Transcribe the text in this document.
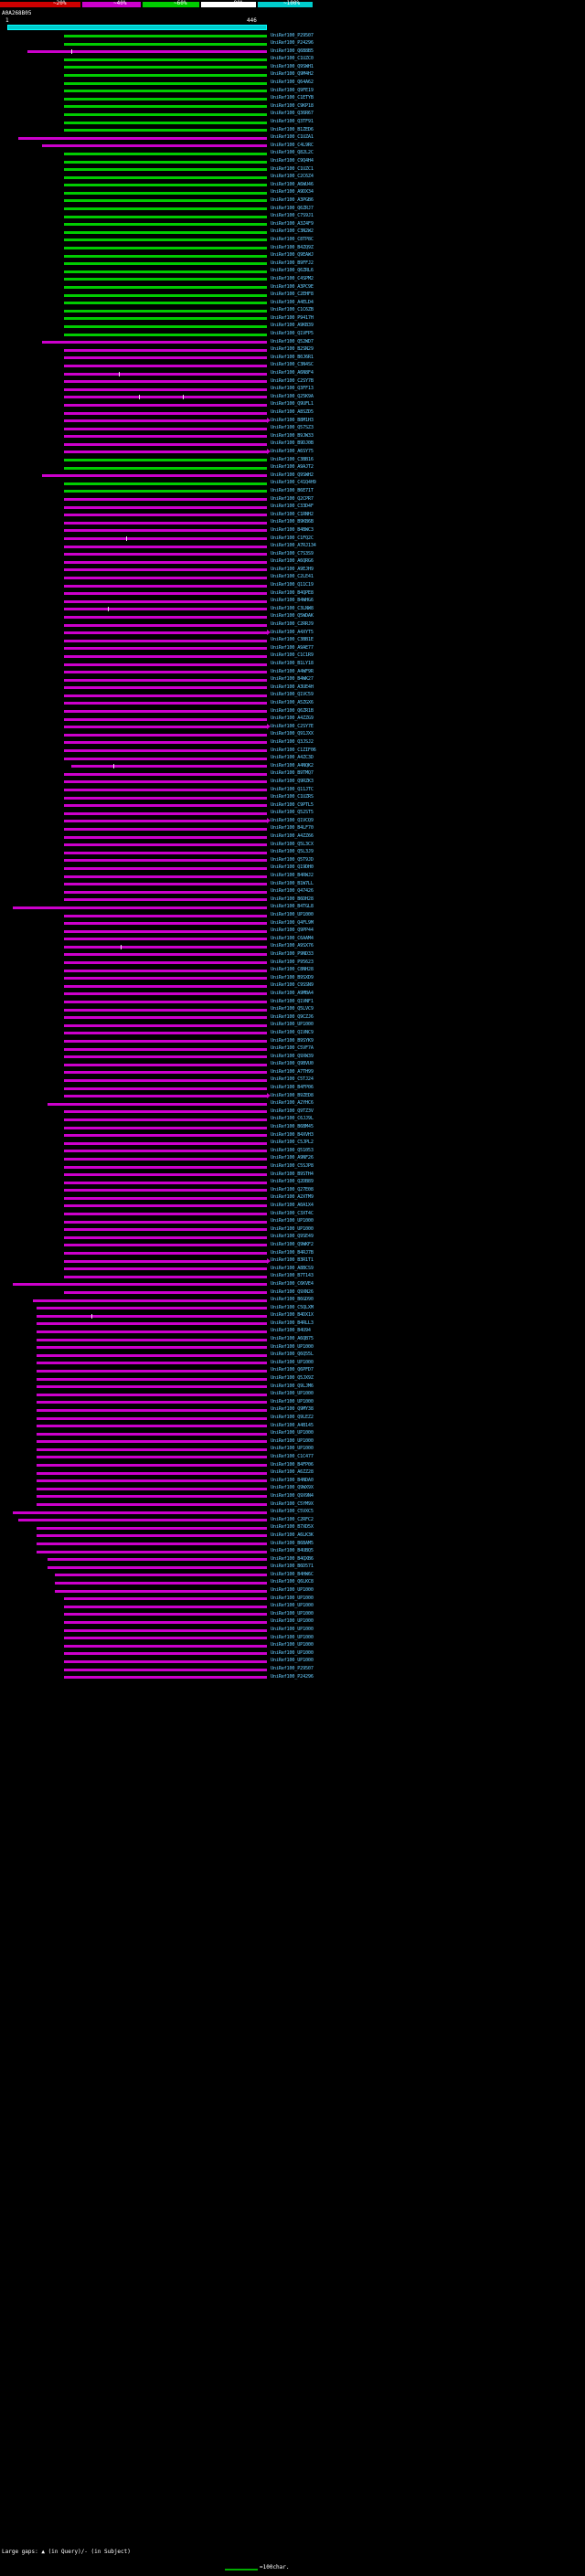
~20%	~40%	~60%	~80%	~100%
A0A268B05
1	446
UniRef100_P29507
UniRef100_P24296
UniRef100_Q6B8B5
UniRef100_C1UZC0
UniRef100_Q9SWH1
UniRef100_Q9M4H2
UniRef100_Q64A62
UniRef100_Q9FE19
UniRef100_C1ETYB
UniRef100_C9KP18
UniRef100_Q36R67
UniRef100_Q3TF91
UniRef100_B1ZED6
UniRef100_C1UZA1
UniRef100_C4L9RC
UniRef100_Q82L2C
UniRef100_C9Q4H4
UniRef100_C1UZC1
UniRef100_C2C6Z4
UniRef100_A6WU46
UniRef100_A9DX34
UniRef100_A3PGB6
UniRef100_Q6ZRJ7
UniRef100_C7S9J1
UniRef100_A3Z4F9
UniRef100_C3N2W2
UniRef100_C8TP8C
UniRef100_B4ZQ9Z
UniRef100_Q9EAWJ
UniRef100_B9FFJ2
UniRef100_Q6ZRL6
UniRef100_C4SPM2
UniRef100_A3PC9E
UniRef100_C2EHF8
UniRef100_A4ELD4
UniRef100_C1C6ZB
UniRef100_P9417H
UniRef100_A9KB39
UniRef100_Q1VFP5
UniRef100_Q52WD7
UniRef100_B2SN29
UniRef100_B0J6R1
UniRef100_C3N4SC
UniRef100_A6N8F4
UniRef100_C2SY7B
UniRef100_Q3FF13
UniRef100_Q25K9A
UniRef100_Q9UFL1
UniRef100_A8SZD5
UniRef100_B8M1H3
UniRef100_Q57SZ3
UniRef100_B9JW33
UniRef100_B9DJ0B
UniRef100_A6SY75
UniRef100_C3BB16
UniRef100_A9AJT2
UniRef100_Q9SWH2
UniRef100_C41Q4H9
UniRef100_B6E71T
UniRef100_Q2CPR7
UniRef100_C33D4F
UniRef100_C1RNH2
UniRef100_B9KB6B
UniRef100_B4BWC3
UniRef100_C1FQ2C
UniRef100_A7RJ134
UniRef100_C7S3S9
UniRef100_A6QRG6
UniRef100_A9EJH9
UniRef100_C2LE41
UniRef100_Q11C19
UniRef100_B4QPE8
UniRef100_B4WHG6
UniRef100_C3LNW8
UniRef100_Q5WDAK
UniRef100_C2RRJ9
UniRef100_A4XYT5
UniRef100_C3BB1E
UniRef100_A9AE77
UniRef100_C1C1R9
UniRef100_B1LY18
UniRef100_A4WF9R
UniRef100_B4WK27
UniRef100_A3UE4H
UniRef100_Q1VC59
UniRef100_A5ZGX6
UniRef100_Q6ZR1B
UniRef100_A4ZZG9
UniRef100_C2SY7E
UniRef100_Q91JXX
UniRef100_Q3JSJ2
UniRef100_C1ZIF06
UniRef100_A4ZC3D
UniRef100_A4NQK2
UniRef100_B9TMQ7
UniRef100_Q9RZK3
UniRef100_Q11JTC
UniRef100_C1UZRS
UniRef100_C9PTL5
UniRef100_Q52ST5
UniRef100_Q1VCQ9
UniRef100_B4LF70
UniRef100_A4ZZ66
UniRef100_Q5L3CX
UniRef100_Q5L3J9
UniRef100_Q5T9JD
UniRef100_Q19DH0
UniRef100_B4RWJ2
UniRef100_B1W7LL
UniRef100_Q47426
UniRef100_B6DH28
UniRef100_B4TGL8
UniRef100_UP1000
UniRef100_Q4FL9M
UniRef100_Q9PP44
UniRef100_C6AAM4
UniRef100_A9SX76
UniRef100_P9ND33
UniRef100_P95623
UniRef100_C8NH28
UniRef100_B9SXD9
UniRef100_C9SSN9
UniRef100_A9MBA4
UniRef100_Q1VNF1
UniRef100_Q5LVC9
UniRef100_Q9CZJ6
UniRef100_UP1000
UniRef100_Q1VNC9
UniRef100_B9SYK9
UniRef100_C5VF7A
UniRef100_Q9XW39
UniRef100_Q9BVU0
UniRef100_A7TH99
UniRef100_C5TJ24
UniRef100_B4FP06
UniRef100_B9ZED8
UniRef100_A2YHC6
UniRef100_Q9TZ3V
UniRef100_C6JJ9L
UniRef100_B6BM45
UniRef100_B4XVH3
UniRef100_C5JPL2
UniRef100_Q51053
UniRef100_A9NF26
UniRef100_C5SJP8
UniRef100_B9STH4
UniRef100_Q2DB89
UniRef100_Q27E08
UniRef100_A2XTM9
UniRef100_A0A1X4
UniRef100_C3XT4C
UniRef100_UP1000
UniRef100_UP1000
UniRef100_Q9SE49
UniRef100_Q9WKF2
UniRef100_B4RJ7B
UniRef100_B3R1T1
UniRef100_A8BCS9
UniRef100_B7T143
UniRef100_C6KVE4
UniRef100_Q9XN26
UniRef100_B6GD90
UniRef100_C5QLXM
UniRef100_B4DX1X
UniRef100_B4RLL3
UniRef100_B4U94
UniRef100_A6QB75
UniRef100_UP1000
UniRef100_Q6Q55L
UniRef100_UP1000
UniRef100_Q6PFD7
UniRef100_Q5JX9Z
UniRef100_Q9LJM6
UniRef100_UP1000
UniRef100_UP1000
UniRef100_Q9MY38
UniRef100_Q9LEZ2
UniRef100_A4B145
UniRef100_UP1000
UniRef100_UP1000
UniRef100_UP1000
UniRef100_C1C477
UniRef100_B4FP06
UniRef100_A6ZZ28
UniRef100_B4NDA0
UniRef100_Q9WX9X
UniRef100_Q9X9N4
UniRef100_C5YM9X
UniRef100_C5VXC5
UniRef100_C2RFC2
UniRef100_B7XD5X
UniRef100_A6LK3K
UniRef100_B6BAM5
UniRef100_B4UBQ5
UniRef100_B4QXB6
UniRef100_B6D571
UniRef100_B4HW6C
UniRef100_Q6LKC8
UniRef100_UP1000
UniRef100_UP1000
UniRef100_UP1000
UniRef100_UP1000
UniRef100_UP1000
UniRef100_UP1000
UniRef100_UP1000
UniRef100_UP1000
UniRef100_UP1000
UniRef100_UP1000
UniRef100_P29507
UniRef100_P24296
Large gaps: ▲ (in Query)/- (in Subject)
=100char.
